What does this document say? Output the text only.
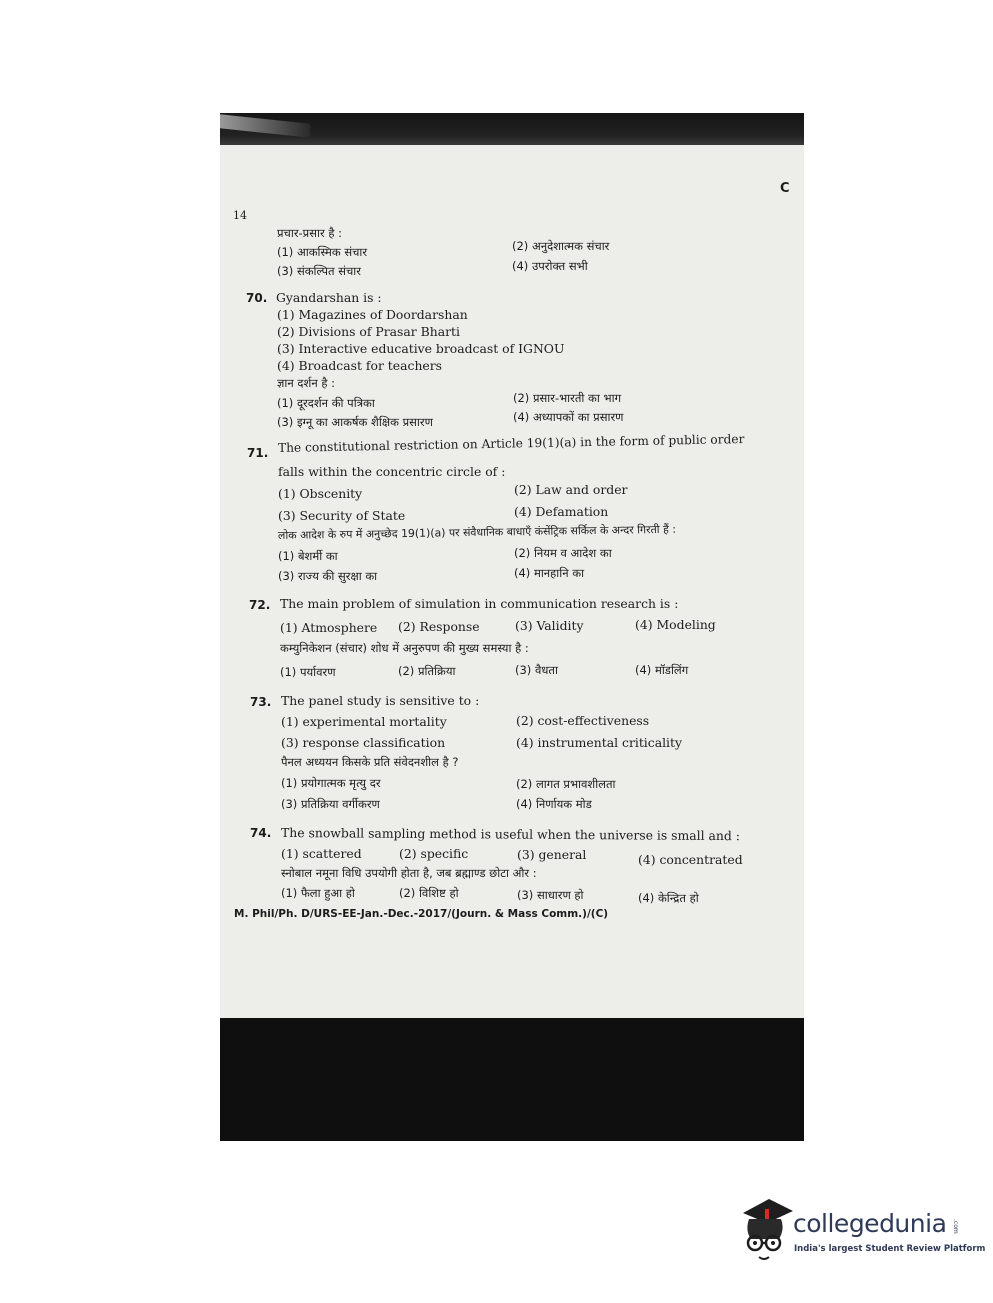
C
14
प्रचार-प्रसार है :
(1) आकस्मिक संचार	(2) अनुदेशात्मक संचार
(3) संकल्पित संचार	(4) उपरोक्त सभी
70. Gyandarshan is :
(1) Magazines of Doordarshan
(2) Divisions of Prasar Bharti
(3) Interactive educative broadcast of IGNOU
(4) Broadcast for teachers
ज्ञान दर्शन है :
(1) दूरदर्शन की पत्रिका	(2) प्रसार-भारती का भाग
(3) इग्नू का आकर्षक शैक्षिक प्रसारण	(4) अध्यापकों का प्रसारण
71. The constitutional restriction on Article 19(1)(a) in the form of public order
falls within the concentric circle of :
(1) Obscenity	(2) Law and order
(3) Security of State	(4) Defamation
लोक आदेश के रुप में अनुच्छेद 19(1)(a) पर संवैधानिक बाधाएँ कंसेंट्रिक सर्किल के अन्दर गिरती हैं :
(1) बेशर्मी का	(2) नियम व आदेश का
(3) राज्य की सुरक्षा का	(4) मानहानि का
72. The main problem of simulation in communication research is :
(1) Atmosphere (2) Response	(3) Validity	(4) Modeling
कम्युनिकेशन (संचार) शोध में अनुरुपण की मुख्य समस्या है :
(1) पर्यावरण	(2) प्रतिक्रिया	(3) वैधता	(4) मॉडलिंग
73. The panel study is sensitive to :
(1) experimental mortality	(2) cost-effectiveness
(3) response classification	(4) instrumental criticality
पैनल अध्ययन किसके प्रति संवेदनशील है ?
(1) प्रयोगात्मक मृत्यु दर	(2) लागत प्रभावशीलता
(3) प्रतिक्रिया वर्गीकरण	(4) निर्णायक मोड
74. The snowball sampling method is useful when the universe is small and :
(1) scattered	(2) specific	(3) general	(4) concentrated
स्नोबाल नमूना विधि उपयोगी होता है, जब ब्रह्माण्ड छोटा और :
(1) फैला हुआ हो	(2) विशिष्ट हो	(3) साधारण हो	(4) केन्द्रित हो
M. Phil/Ph. D/URS-EE-Jan.-Dec.-2017/(Journ. & Mass Comm.)/(C)
collegedunia .com
India's largest Student Review Platform
